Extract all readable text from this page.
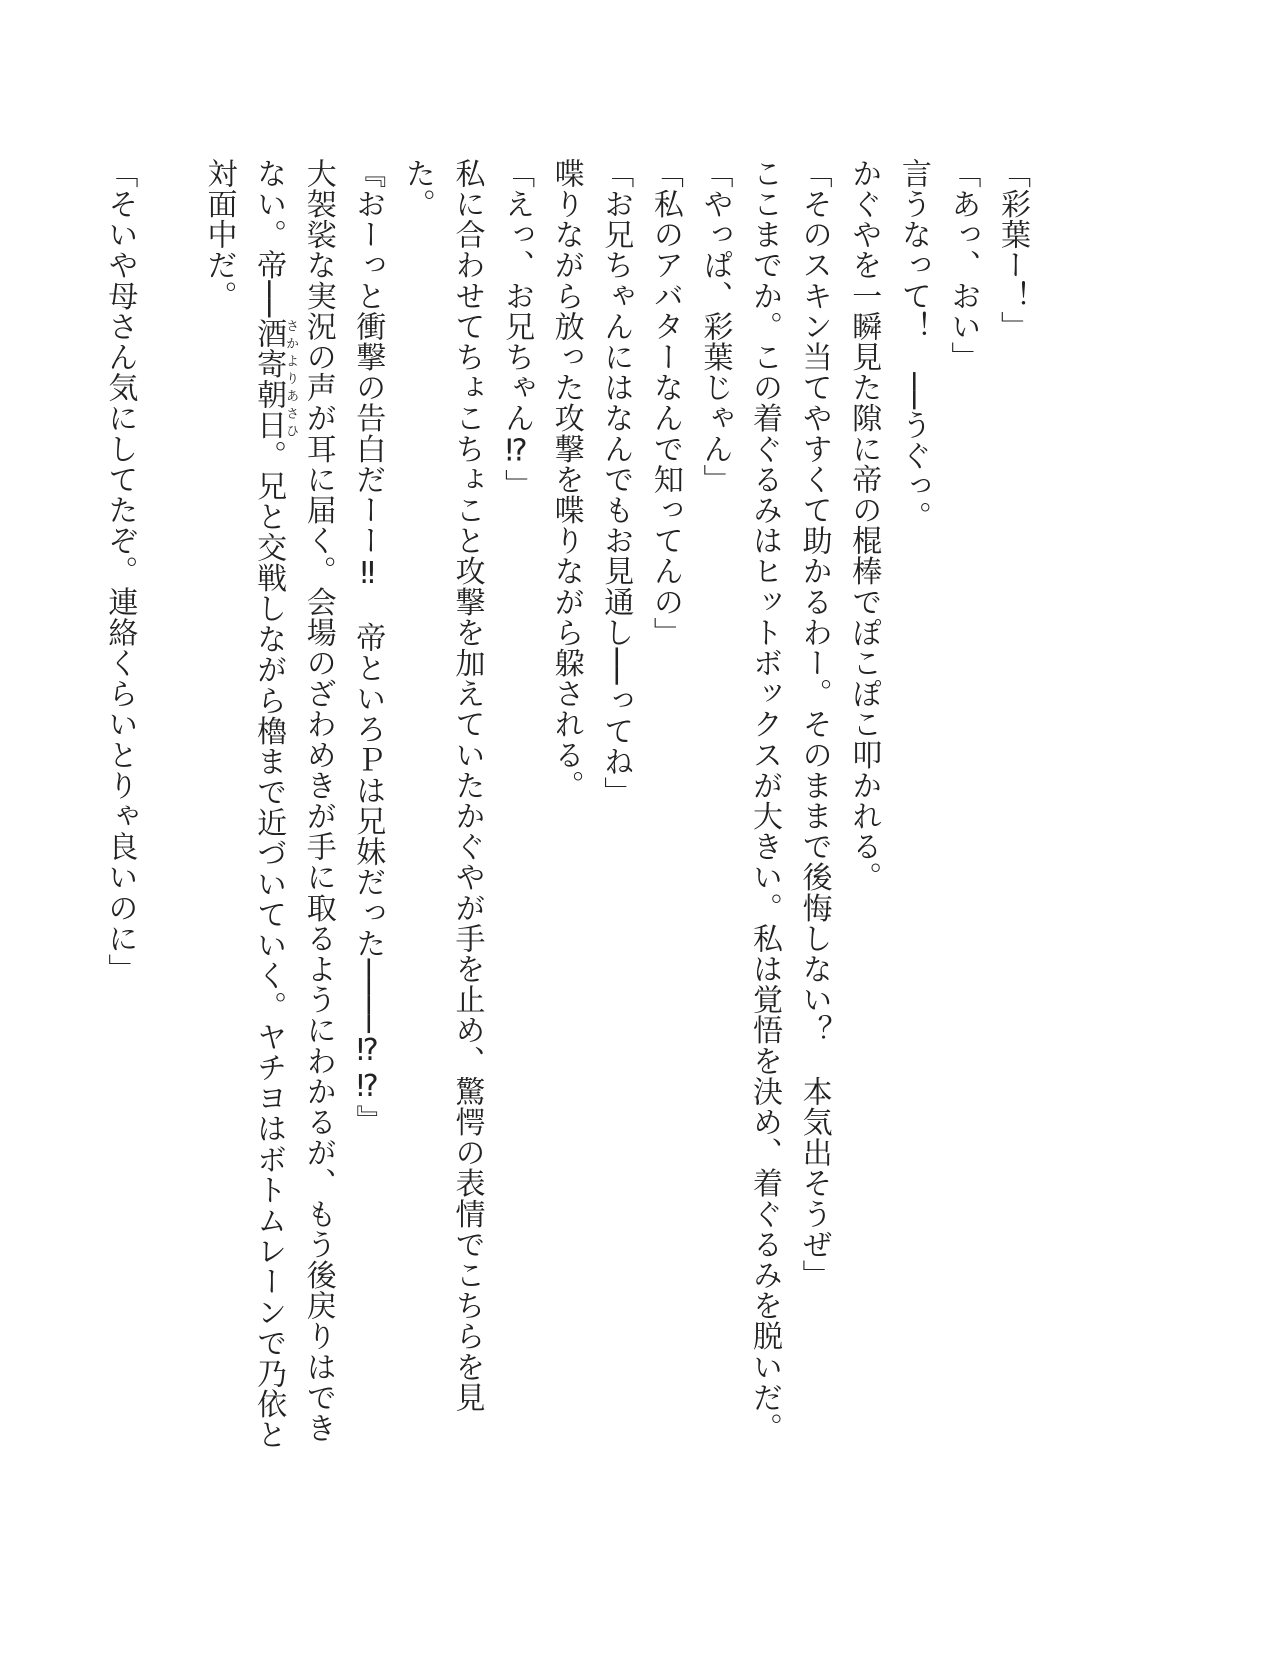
「彩葉ー！」

「あっ、おい」

言うなって！　──うぐっ。

かぐやを一瞬見た隙に帝の棍棒でぽこぽこ叩かれる。

「そのスキン当てやすくて助かるわー。そのままで後悔しない？　本気出そうぜ」

ここまでか。この着ぐるみはヒットボックスが大きい。私は覚悟を決め、着ぐるみを脱いだ。

「やっぱ、彩葉じゃん」

「私のアバターなんで知ってんの」

「お兄ちゃんにはなんでもお見通し──ってね」

喋りながら放った攻撃を喋りながら躱される。

「えっ、お兄ちゃん⁉」

私に合わせてちょこちょこと攻撃を加えていたかぐやが手を止め、驚愕の表情でこちらを見た。

『おーっと衝撃の告白だーー‼　帝といろＰは兄妹だった────⁉⁉』

大袈裟な実況の声が耳に届く。会場のざわめきが手に取るようにわかるが、もう後戻りはできない。帝──酒寄朝日さかよりあさひ。兄と交戦しながら櫓まで近づいていく。ヤチヨはボトムレーンで乃依と対面中だ。

「そいや母さん気にしてたぞ。連絡くらいとりゃ良いのに」
